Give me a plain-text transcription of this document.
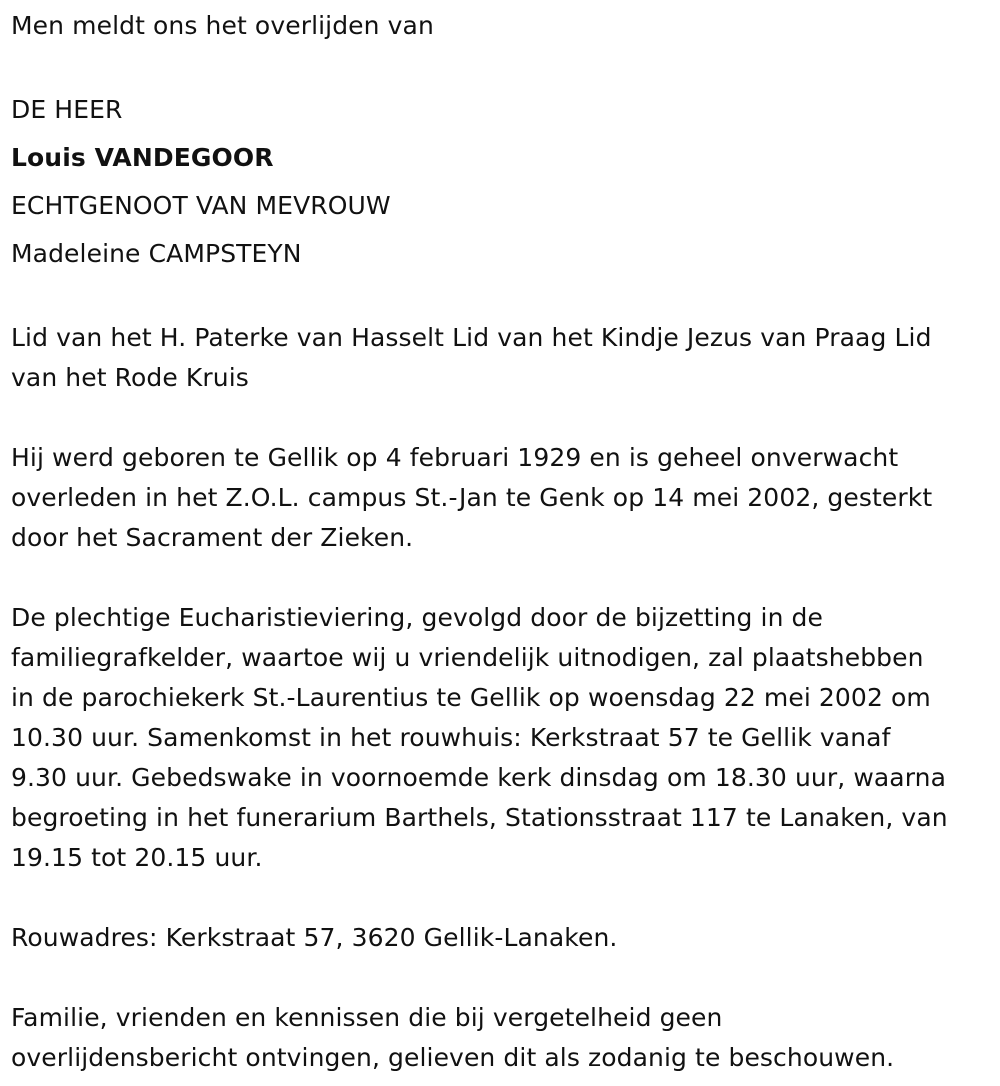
Men meldt ons het overlijden van

DE HEER

Louis VANDEGOOR

ECHTGENOOT VAN MEVROUW

Madeleine CAMPSTEYN

Lid van het H. Paterke van Hasselt Lid van het Kindje Jezus van Praag Lid

van het Rode Kruis

Hij werd geboren te Gellik op 4 februari 1929 en is geheel onverwacht

overleden in het Z.O.L. campus St.-Jan te Genk op 14 mei 2002, gesterkt

door het Sacrament der Zieken.

De plechtige Eucharistieviering, gevolgd door de bijzetting in de

familiegrafkelder, waartoe wij u vriendelijk uitnodigen, zal plaatshebben

in de parochiekerk St.-Laurentius te Gellik op woensdag 22 mei 2002 om

10.30 uur. Samenkomst in het rouwhuis: Kerkstraat 57 te Gellik vanaf

9.30 uur. Gebedswake in voornoemde kerk dinsdag om 18.30 uur, waarna

begroeting in het funerarium Barthels, Stationsstraat 117 te Lanaken, van

19.15 tot 20.15 uur.

Rouwadres: Kerkstraat 57, 3620 Gellik-Lanaken.

Familie, vrienden en kennissen die bij vergetelheid geen

overlijdensbericht ontvingen, gelieven dit als zodanig te beschouwen.
